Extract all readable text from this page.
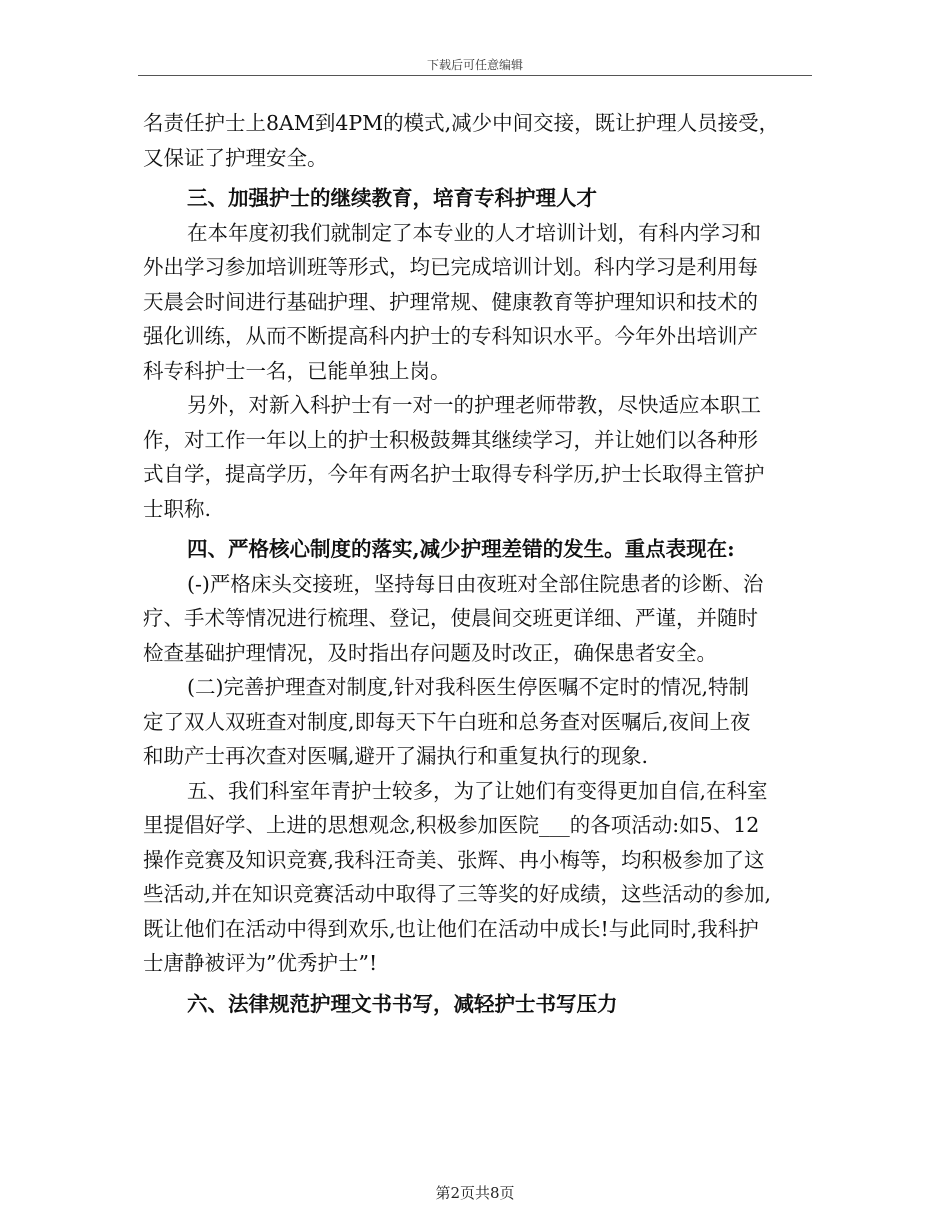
下载后可任意编辑
名责任护士上8AM到4PM的模式,减少中间交接，既让护理人员接受，
又保证了护理安全。
三、加强护士的继续教育，培育专科护理人才
在本年度初我们就制定了本专业的人才培训计划，有科内学习和
外出学习参加培训班等形式，均已完成培训计划。科内学习是利用每
天晨会时间进行基础护理、护理常规、健康教育等护理知识和技术的
强化训练，从而不断提高科内护士的专科知识水平。今年外出培训产
科专科护士一名，已能单独上岗。
另外，对新入科护士有一对一的护理老师带教，尽快适应本职工
作，对工作一年以上的护士积极鼓舞其继续学习，并让她们以各种形
式自学，提高学历，今年有两名护士取得专科学历,护士长取得主管护
士职称.
四、严格核心制度的落实,减少护理差错的发生。重点表现在:
(-)严格床头交接班，坚持每日由夜班对全部住院患者的诊断、治
疗、手术等情况进行梳理、登记，使晨间交班更详细、严谨，并随时
检查基础护理情况，及时指出存问题及时改正，确保患者安全。
(二)完善护理查对制度,针对我科医生停医嘱不定时的情况,特制
定了双人双班查对制度,即每天下午白班和总务查对医嘱后,夜间上夜
和助产士再次查对医嘱,避开了漏执行和重复执行的现象.
五、我们科室年青护士较多，为了让她们有变得更加自信,在科室
里提倡好学、上进的思想观念,积极参加医院___的各项活动:如5、12
操作竞赛及知识竞赛,我科汪奇美、张辉、冉小梅等，均积极参加了这
些活动,并在知识竞赛活动中取得了三等奖的好成绩，这些活动的参加,
既让他们在活动中得到欢乐,也让他们在活动中成长!与此同时,我科护
士唐静被评为”优秀护士”!
六、法律规范护理文书书写，减轻护士书写压力
第2页共8页
